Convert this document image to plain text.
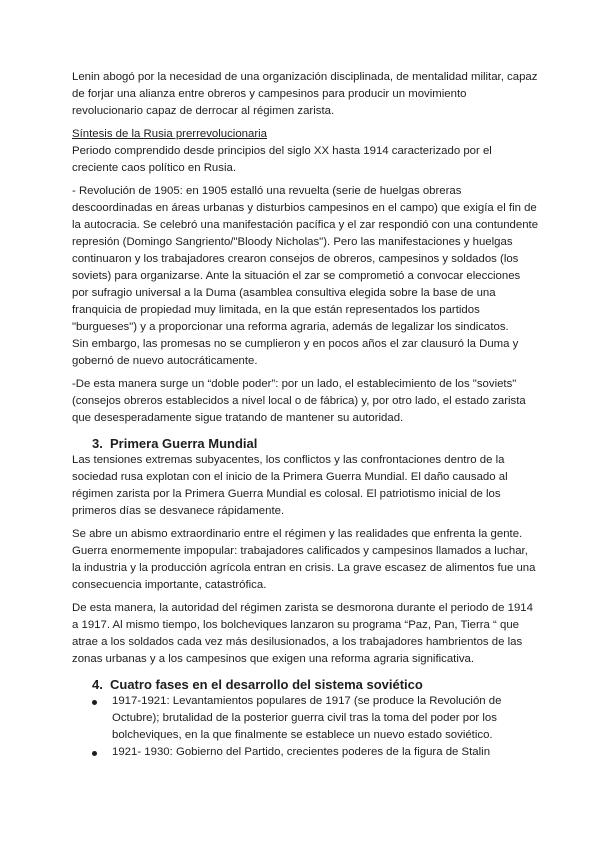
Lenin abogó por la necesidad de una organización disciplinada, de mentalidad militar, capaz
de forjar una alianza entre obreros y campesinos para producir un movimiento
revolucionario capaz de derrocar al régimen zarista.
Síntesis de la Rusia prerrevolucionaria
Periodo comprendido desde principios del siglo XX hasta 1914 caracterizado por el
creciente caos político en Rusia.
- Revolución de 1905: en 1905 estalló una revuelta (serie de huelgas obreras
descoordinadas en áreas urbanas y disturbios campesinos en el campo) que exigía el fin de
la autocracia. Se celebró una manifestación pacífica y el zar respondió con una contundente
represión (Domingo Sangriento/"Bloody Nicholas"). Pero las manifestaciones y huelgas
continuaron y los trabajadores crearon consejos de obreros, campesinos y soldados (los
soviets) para organizarse. Ante la situación el zar se comprometió a convocar elecciones
por sufragio universal a la Duma (asamblea consultiva elegida sobre la base de una
franquicia de propiedad muy limitada, en la que están representados los partidos
"burgueses") y a proporcionar una reforma agraria, además de legalizar los sindicatos.
Sin embargo, las promesas no se cumplieron y en pocos años el zar clausuró la Duma y
gobernó de nuevo autocráticamente.
-De esta manera surge un “doble poder”: por un lado, el establecimiento de los "soviets"
(consejos obreros establecidos a nivel local o de fábrica) y, por otro lado, el estado zarista
que desesperadamente sigue tratando de mantener su autoridad.
3. Primera Guerra Mundial
Las tensiones extremas subyacentes, los conflictos y las confrontaciones dentro de la
sociedad rusa explotan con el inicio de la Primera Guerra Mundial. El daño causado al
régimen zarista por la Primera Guerra Mundial es colosal. El patriotismo inicial de los
primeros días se desvanece rápidamente.
Se abre un abismo extraordinario entre el régimen y las realidades que enfrenta la gente.
Guerra enormemente impopular: trabajadores calificados y campesinos llamados a luchar,
la industria y la producción agrícola entran en crisis. La grave escasez de alimentos fue una
consecuencia importante, catastrófica.
De esta manera, la autoridad del régimen zarista se desmorona durante el periodo de 1914
a 1917. Al mismo tiempo, los bolcheviques lanzaron su programa “Paz, Pan, Tierra “ que
atrae a los soldados cada vez más desilusionados, a los trabajadores hambrientos de las
zonas urbanas y a los campesinos que exigen una reforma agraria significativa.
4. Cuatro fases en el desarrollo del sistema soviético
1917-1921: Levantamientos populares de 1917 (se produce la Revolución de
Octubre); brutalidad de la posterior guerra civil tras la toma del poder por los
bolcheviques, en la que finalmente se establece un nuevo estado soviético.
1921- 1930: Gobierno del Partido, crecientes poderes de la figura de Stalin
